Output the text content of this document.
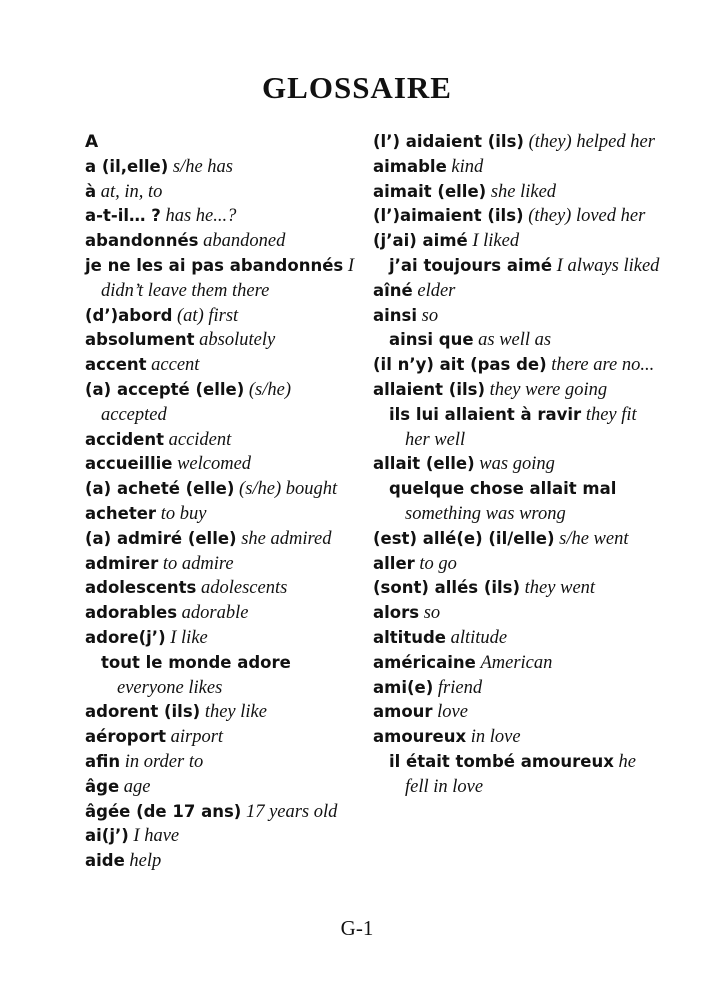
GLOSSAIRE
A
a (il,elle) s/he has
à at, in, to
a-t-il… ? has he...?
abandonnés abandoned
je ne les ai pas abandonnés I didn’t leave them there
(d’)abord (at) first
absolument absolutely
accent accent
(a) accepté (elle) (s/he) accepted
accident accident
accueillie welcomed
(a) acheté (elle) (s/he) bought
acheter to buy
(a) admiré (elle) she admired
admirer to admire
adolescents adolescents
adorables adorable
adore(j’) I like
tout le monde adore everyone likes
adorent (ils) they like
aéroport airport
afin in order to
âge age
âgée (de 17 ans) 17 years old
ai(j’) I have
aide help
(l’) aidaient (ils) (they) helped her
aimable kind
aimait (elle) she liked
(l’)aimaient (ils) (they) loved her
(j’ai) aimé I liked
j’ai toujours aimé I always liked
aîné elder
ainsi so
ainsi que as well as
(il n’y) ait (pas de) there are no...
allaient (ils) they were going
ils lui allaient à ravir they fit her well
allait (elle) was going
quelque chose allait mal something was wrong
(est) allé(e) (il/elle) s/he went
aller to go
(sont) allés (ils) they went
alors so
altitude altitude
américaine American
ami(e) friend
amour love
amoureux in love
il était tombé amoureux he fell in love
G-1
